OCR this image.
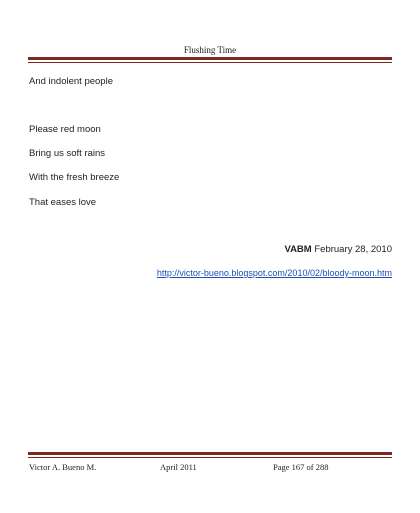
Flushing Time
And indolent people
Please red moon
Bring us soft rains
With the fresh breeze
That eases love
VABM February 28, 2010
http://victor-bueno.blogspot.com/2010/02/bloody-moon.htm
Victor A. Bueno M.	April 2011	Page 167 of 288
